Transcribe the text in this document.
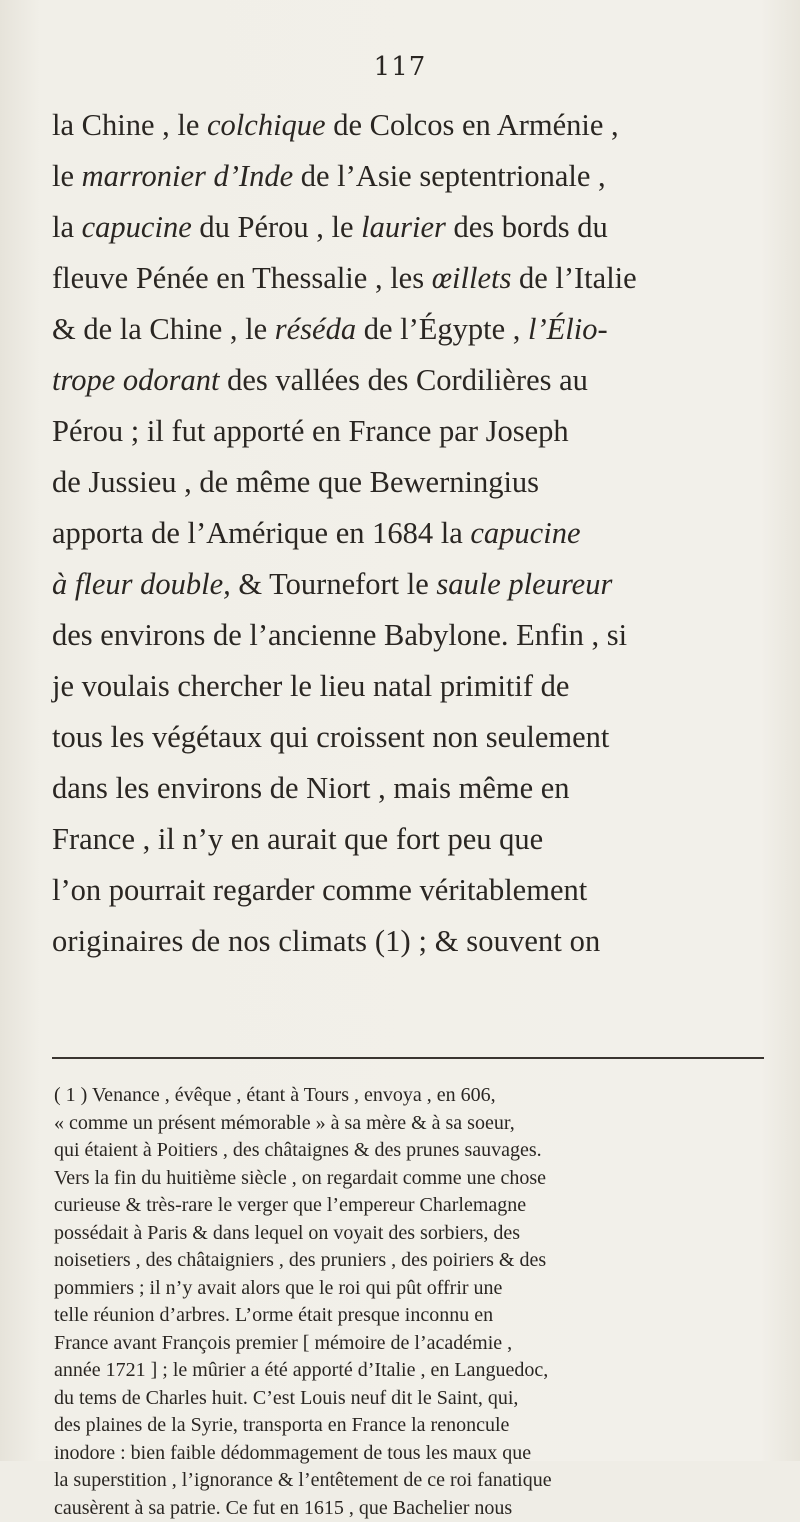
117
la Chine , le colchique de Colcos en Arménie ,
le marronier d’Inde de l’Asie septentrionale ,
la capucine du Pérou , le laurier des bords du
fleuve Pénée en Thessalie , les œillets de l’Italie
& de la Chine , le réséda de l’Égypte , l’Élio-
trope odorant des vallées des Cordilières au
Pérou ; il fut apporté en France par Joseph
de Jussieu , de même que Bewerningius
apporta de l’Amérique en 1684 la capucine
à fleur double, & Tournefort le saule pleureur
des environs de l’ancienne Babylone. Enfin , si
je voulais chercher le lieu natal primitif de
tous les végétaux qui croissent non seulement
dans les environs de Niort , mais même en
France , il n’y en aurait que fort peu que
l’on pourrait regarder comme véritablement
originaires de nos climats (1) ; & souvent on
( 1 ) Venance , évêque , étant à Tours , envoya , en 606,
« comme un présent mémorable » à sa mère & à sa soeur,
qui étaient à Poitiers , des châtaignes & des prunes sauvages.
Vers la fin du huitième siècle , on regardait comme une chose
curieuse & très-rare le verger que l’empereur Charlemagne
possédait à Paris & dans lequel on voyait des sorbiers, des
noisetiers , des châtaigniers , des pruniers , des poiriers & des
pommiers ; il n’y avait alors que le roi qui pût offrir une
telle réunion d’arbres. L’orme était presque inconnu en
France avant François premier [ mémoire de l’académie ,
année 1721 ] ; le mûrier a été apporté d’Italie , en Languedoc,
du tems de Charles huit. C’est Louis neuf dit le Saint, qui,
des plaines de la Syrie, transporta en France la renoncule
inodore : bien faible dédommagement de tous les maux que
la superstition , l’ignorance & l’entêtement de ce roi fanatique
causèrent à sa patrie. Ce fut en 1615 , que Bachelier nous
